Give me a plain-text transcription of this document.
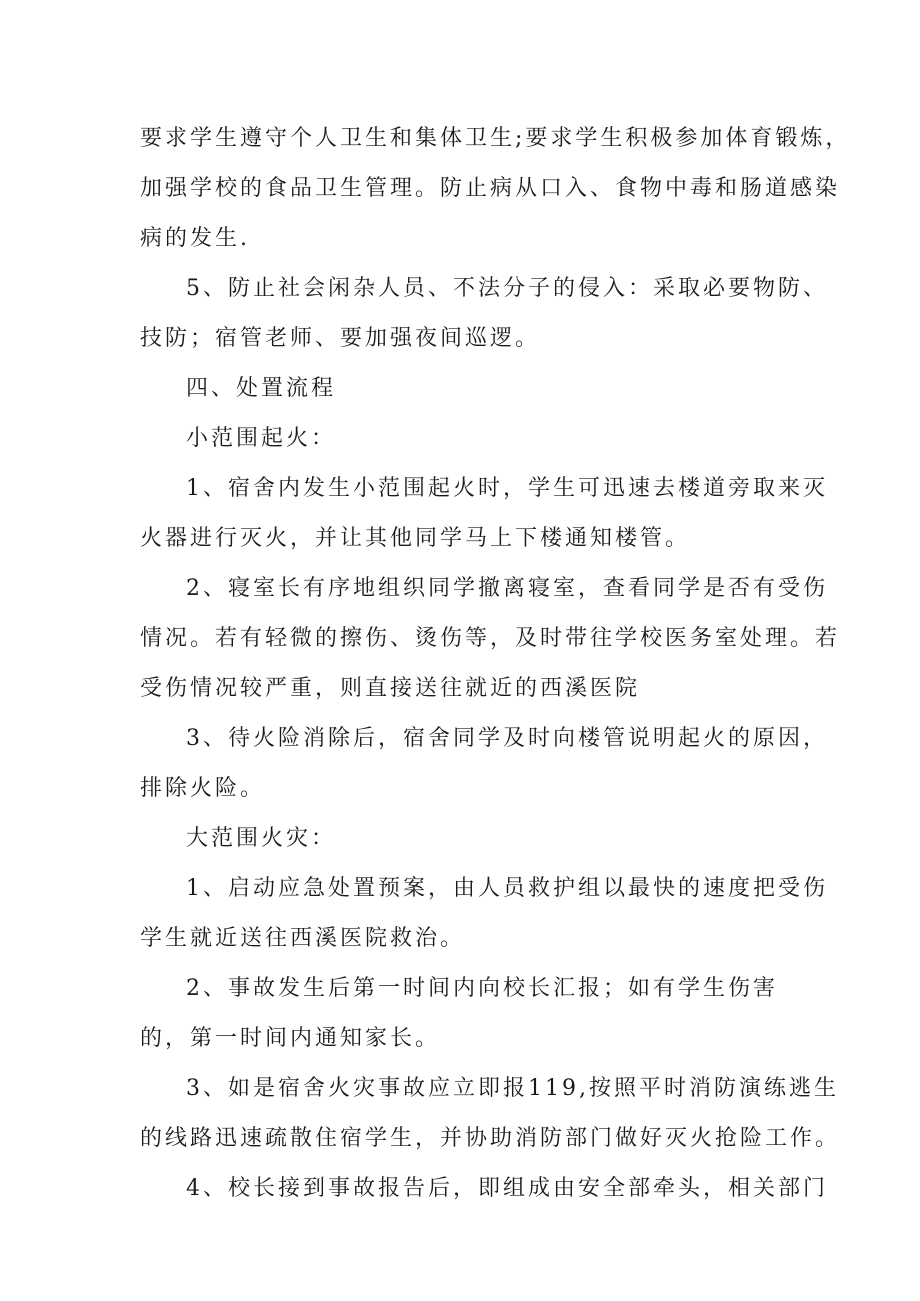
要求学生遵守个人卫生和集体卫生;要求学生积极参加体育锻炼，
加强学校的食品卫生管理。防止病从口入、食物中毒和肠道感染
病的发生.
5、防止社会闲杂人员、不法分子的侵入：采取必要物防、
技防；宿管老师、要加强夜间巡逻。
四、处置流程
小范围起火：
1、宿舍内发生小范围起火时，学生可迅速去楼道旁取来灭
火器进行灭火，并让其他同学马上下楼通知楼管。
2、寝室长有序地组织同学撤离寝室，查看同学是否有受伤
情况。若有轻微的擦伤、烫伤等，及时带往学校医务室处理。若
受伤情况较严重，则直接送往就近的西溪医院
3、待火险消除后，宿舍同学及时向楼管说明起火的原因，
排除火险。
大范围火灾：
1、启动应急处置预案，由人员救护组以最快的速度把受伤
学生就近送往西溪医院救治。
2、事故发生后第一时间内向校长汇报；如有学生伤害
的，第一时间内通知家长。
3、如是宿舍火灾事故应立即报119,按照平时消防演练逃生
的线路迅速疏散住宿学生，并协助消防部门做好灭火抢险工作。
4、校长接到事故报告后，即组成由安全部牵头，相关部门
